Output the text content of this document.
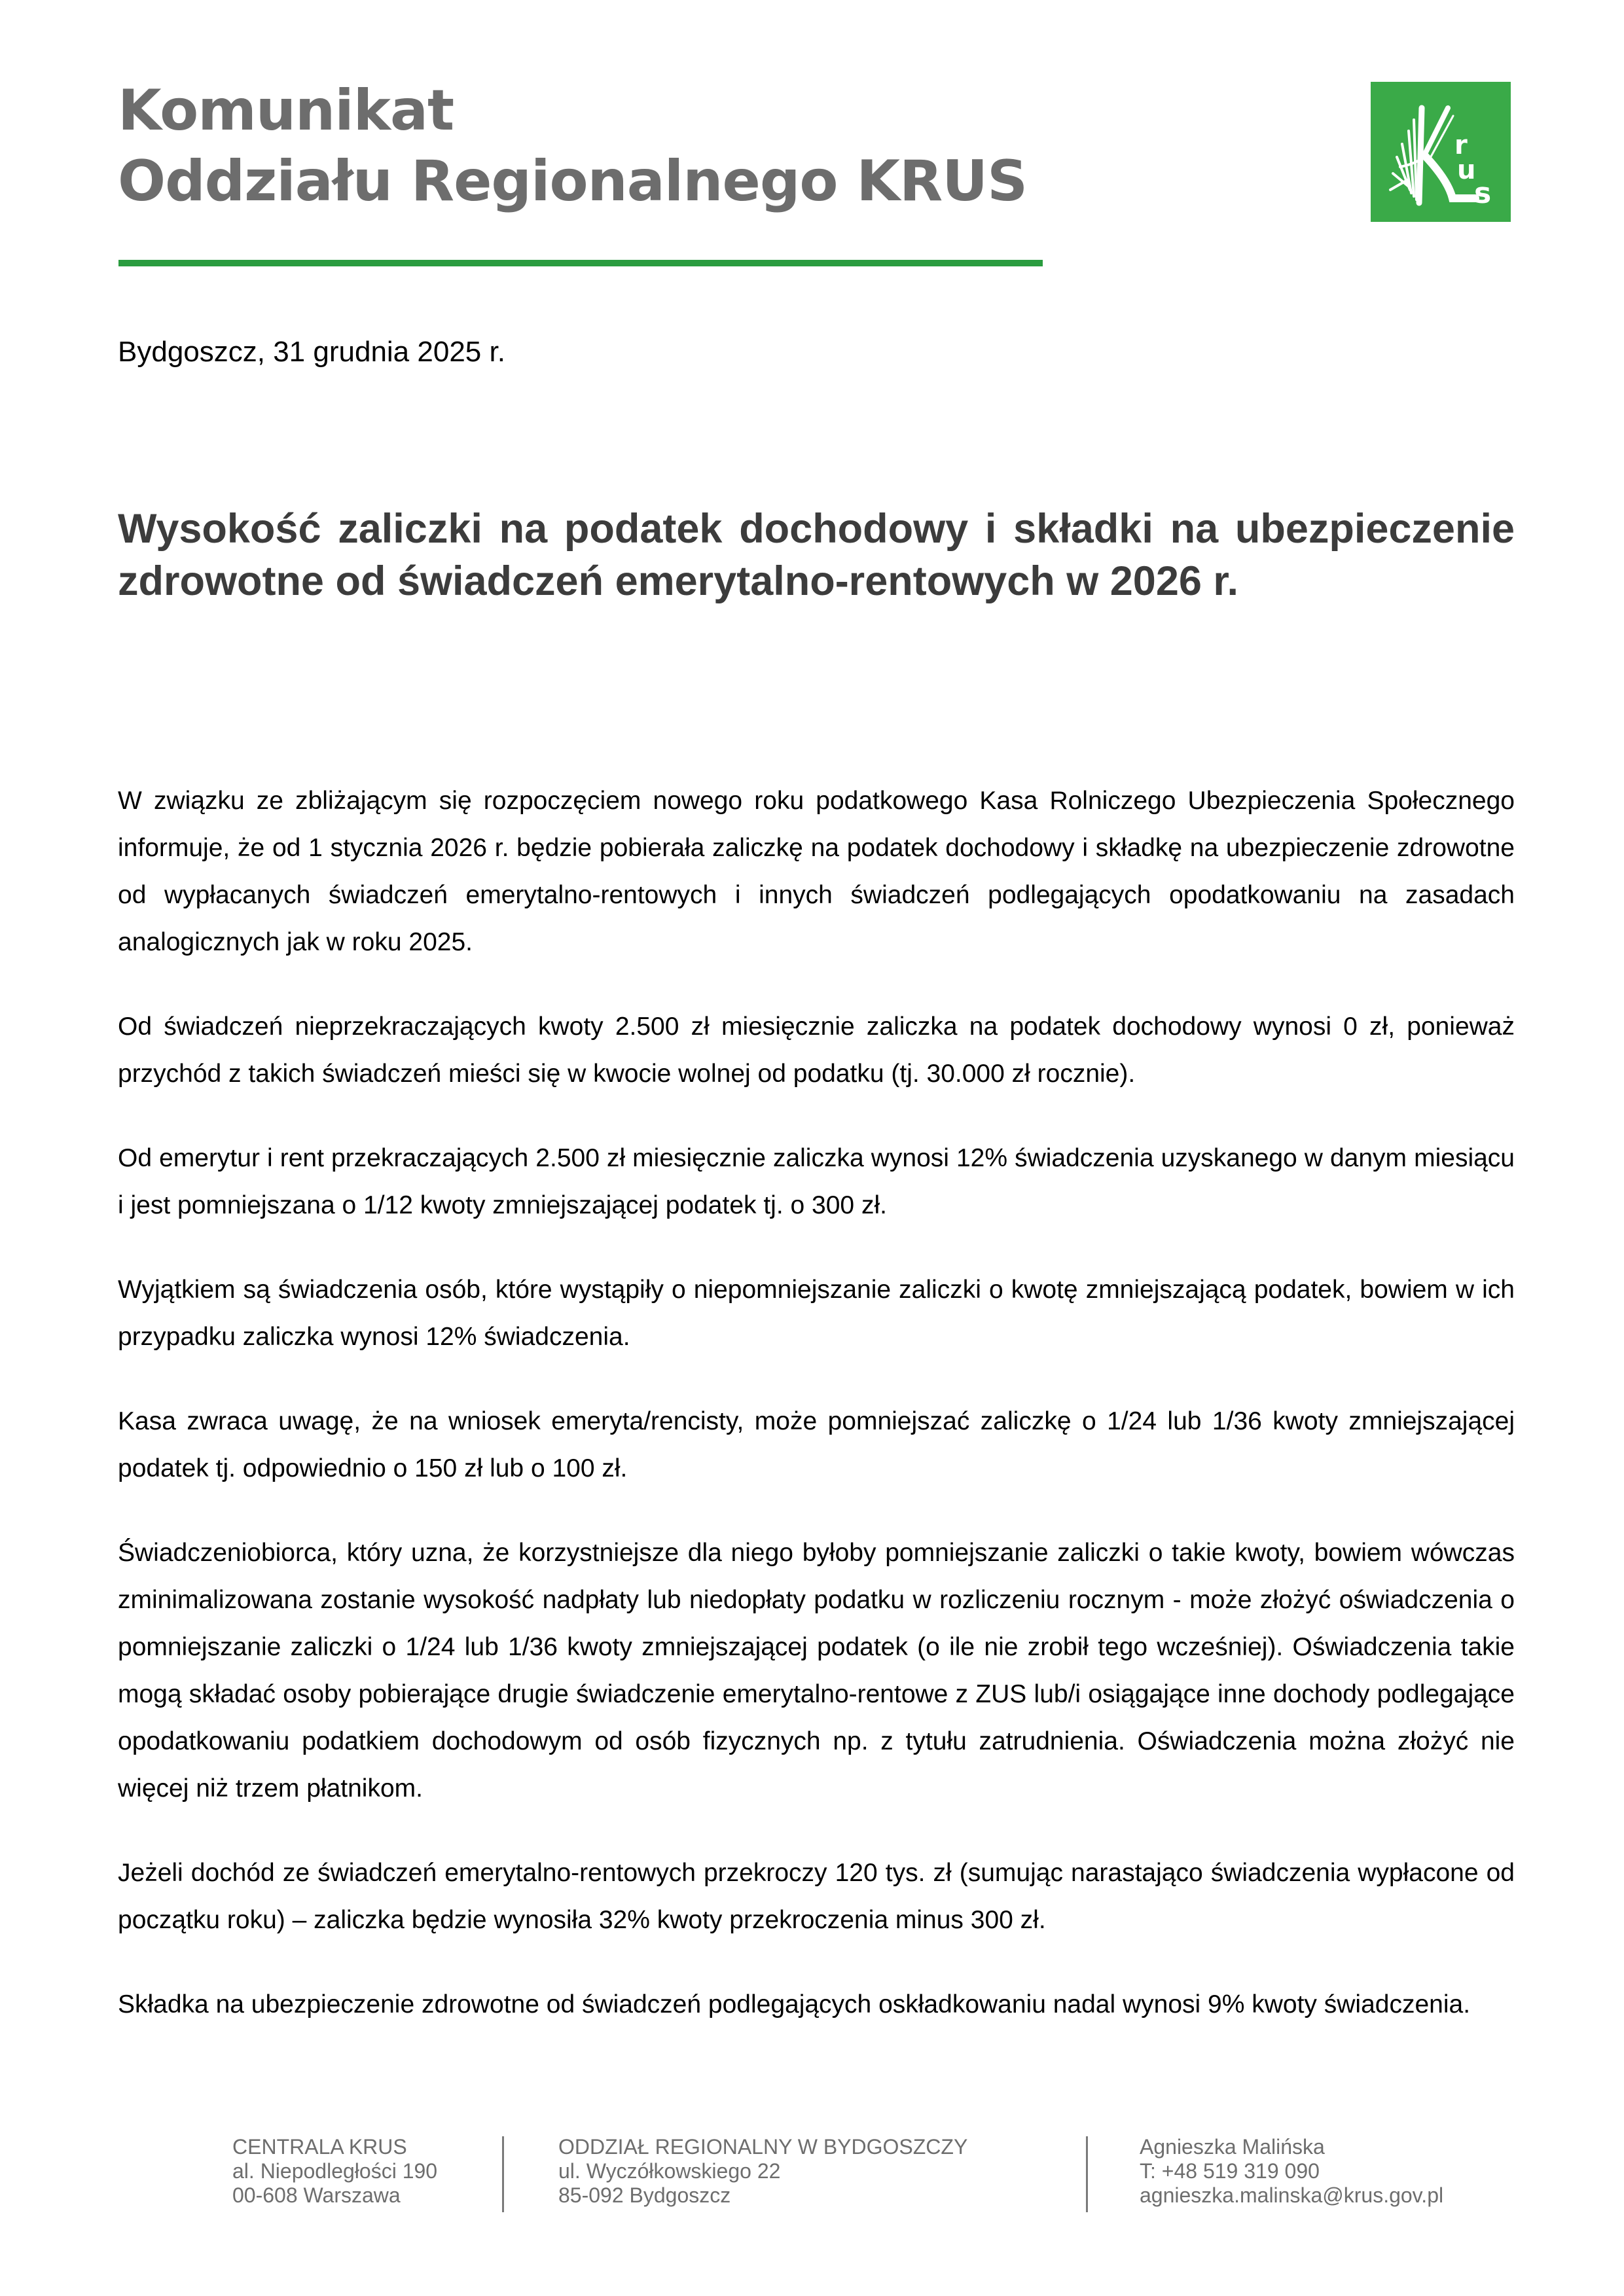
Komunikat
Oddziału Regionalnego KRUS
r
u
s
Bydgoszcz, 31 grudnia 2025 r.
Wysokość zaliczki na podatek dochodowy i składki na ubezpieczenie zdrowotne od świadczeń emerytalno-rentowych w 2026 r.

W związku ze zbliżającym się rozpoczęciem nowego roku podatkowego Kasa Rolniczego Ubezpieczenia Społecznego informuje, że od 1 stycznia 2026 r. będzie pobierała zaliczkę na podatek dochodowy i składkę na ubezpieczenie zdrowotne od wypłacanych świadczeń emerytalno-rentowych i innych świadczeń podlegających opodatkowaniu na zasadach analogicznych jak w roku 2025.

Od świadczeń nieprzekraczających kwoty 2.500 zł miesięcznie zaliczka na podatek dochodowy wynosi 0 zł, ponieważ przychód z takich świadczeń mieści się w kwocie wolnej od podatku (tj. 30.000 zł rocznie).

Od emerytur i rent przekraczających 2.500 zł miesięcznie zaliczka wynosi 12% świadczenia uzyskanego w danym miesiącu i jest pomniejszana o 1/12 kwoty zmniejszającej podatek tj. o 300 zł.

Wyjątkiem są świadczenia osób, które wystąpiły o niepomniejszanie zaliczki o kwotę zmniejszającą podatek, bowiem w ich przypadku zaliczka wynosi 12% świadczenia.

Kasa zwraca uwagę, że na wniosek emeryta/rencisty, może pomniejszać zaliczkę o 1/24 lub 1/36 kwoty zmniejszającej podatek tj. odpowiednio o 150 zł lub o 100 zł.

Świadczeniobiorca, który uzna, że korzystniejsze dla niego byłoby pomniejszanie zaliczki o takie kwoty, bowiem wówczas zminimalizowana zostanie wysokość nadpłaty lub niedopłaty podatku w rozliczeniu rocznym - może złożyć oświadczenia o pomniejszanie zaliczki o 1/24 lub 1/36 kwoty zmniejszającej podatek (o ile nie zrobił tego wcześniej). Oświadczenia takie mogą składać osoby pobierające drugie świadczenie emerytalno-rentowe z ZUS lub/i osiągające inne dochody podlegające opodatkowaniu podatkiem dochodowym od osób fizycznych np. z tytułu zatrudnienia. Oświadczenia można złożyć nie więcej niż trzem płatnikom.

Jeżeli dochód ze świadczeń emerytalno-rentowych przekroczy 120 tys. zł (sumując narastająco świadczenia wypłacone od początku roku) – zaliczka będzie wynosiła 32% kwoty przekroczenia minus 300 zł.

Składka na ubezpieczenie zdrowotne od świadczeń podlegających oskładkowaniu nadal wynosi 9% kwoty świadczenia.

CENTRALA KRUS
al. Niepodległości 190
00-608 Warszawa
ODDZIAŁ REGIONALNY W BYDGOSZCZY
ul. Wyczółkowskiego 22
85-092 Bydgoszcz
Agnieszka Malińska
T: +48 519 319 090
agnieszka.malinska@krus.gov.pl
